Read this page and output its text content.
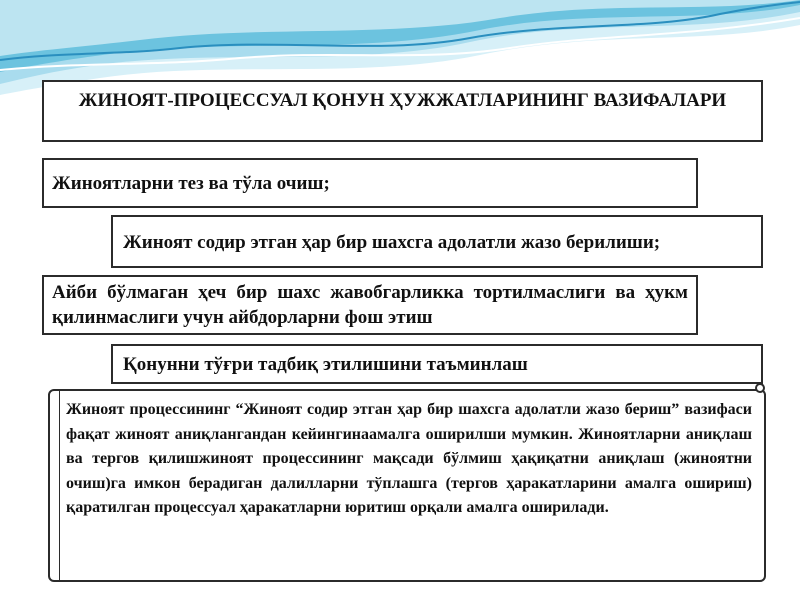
ЖИНОЯТ-ПРОЦЕССУАЛ ҚОНУН ҲУЖЖАТЛАРИНИНГ ВАЗИФАЛАРИ
Жиноятларни тез ва тўла очиш;
Жиноят содир этган ҳар бир шахсга адолатли жазо берилиши;
Айби бўлмаган ҳеч бир шахс жавобгарликка тортилмаслиги ва ҳукм қилинмаслиги учун айбдорларни фош этиш
Қонунни тўғри тадбиқ этилишини таъминлаш
Жиноят процессининг “Жиноят содир этган ҳар бир шахсга адолатли жазо бериш” вазифаси фақат жиноят аниқлангандан кейингинаамалга оширилши мумкин. Жиноятларни аниқлаш ва тергов қилишжиноят процессининг мақсади бўлмиш ҳақиқатни аниқлаш (жиноятни очиш)га имкон берадиган далилларни тўплашга (тергов ҳаракатларини амалга ошириш) қаратилган процессуал ҳаракатларни юритиш орқали амалга оширилади.
